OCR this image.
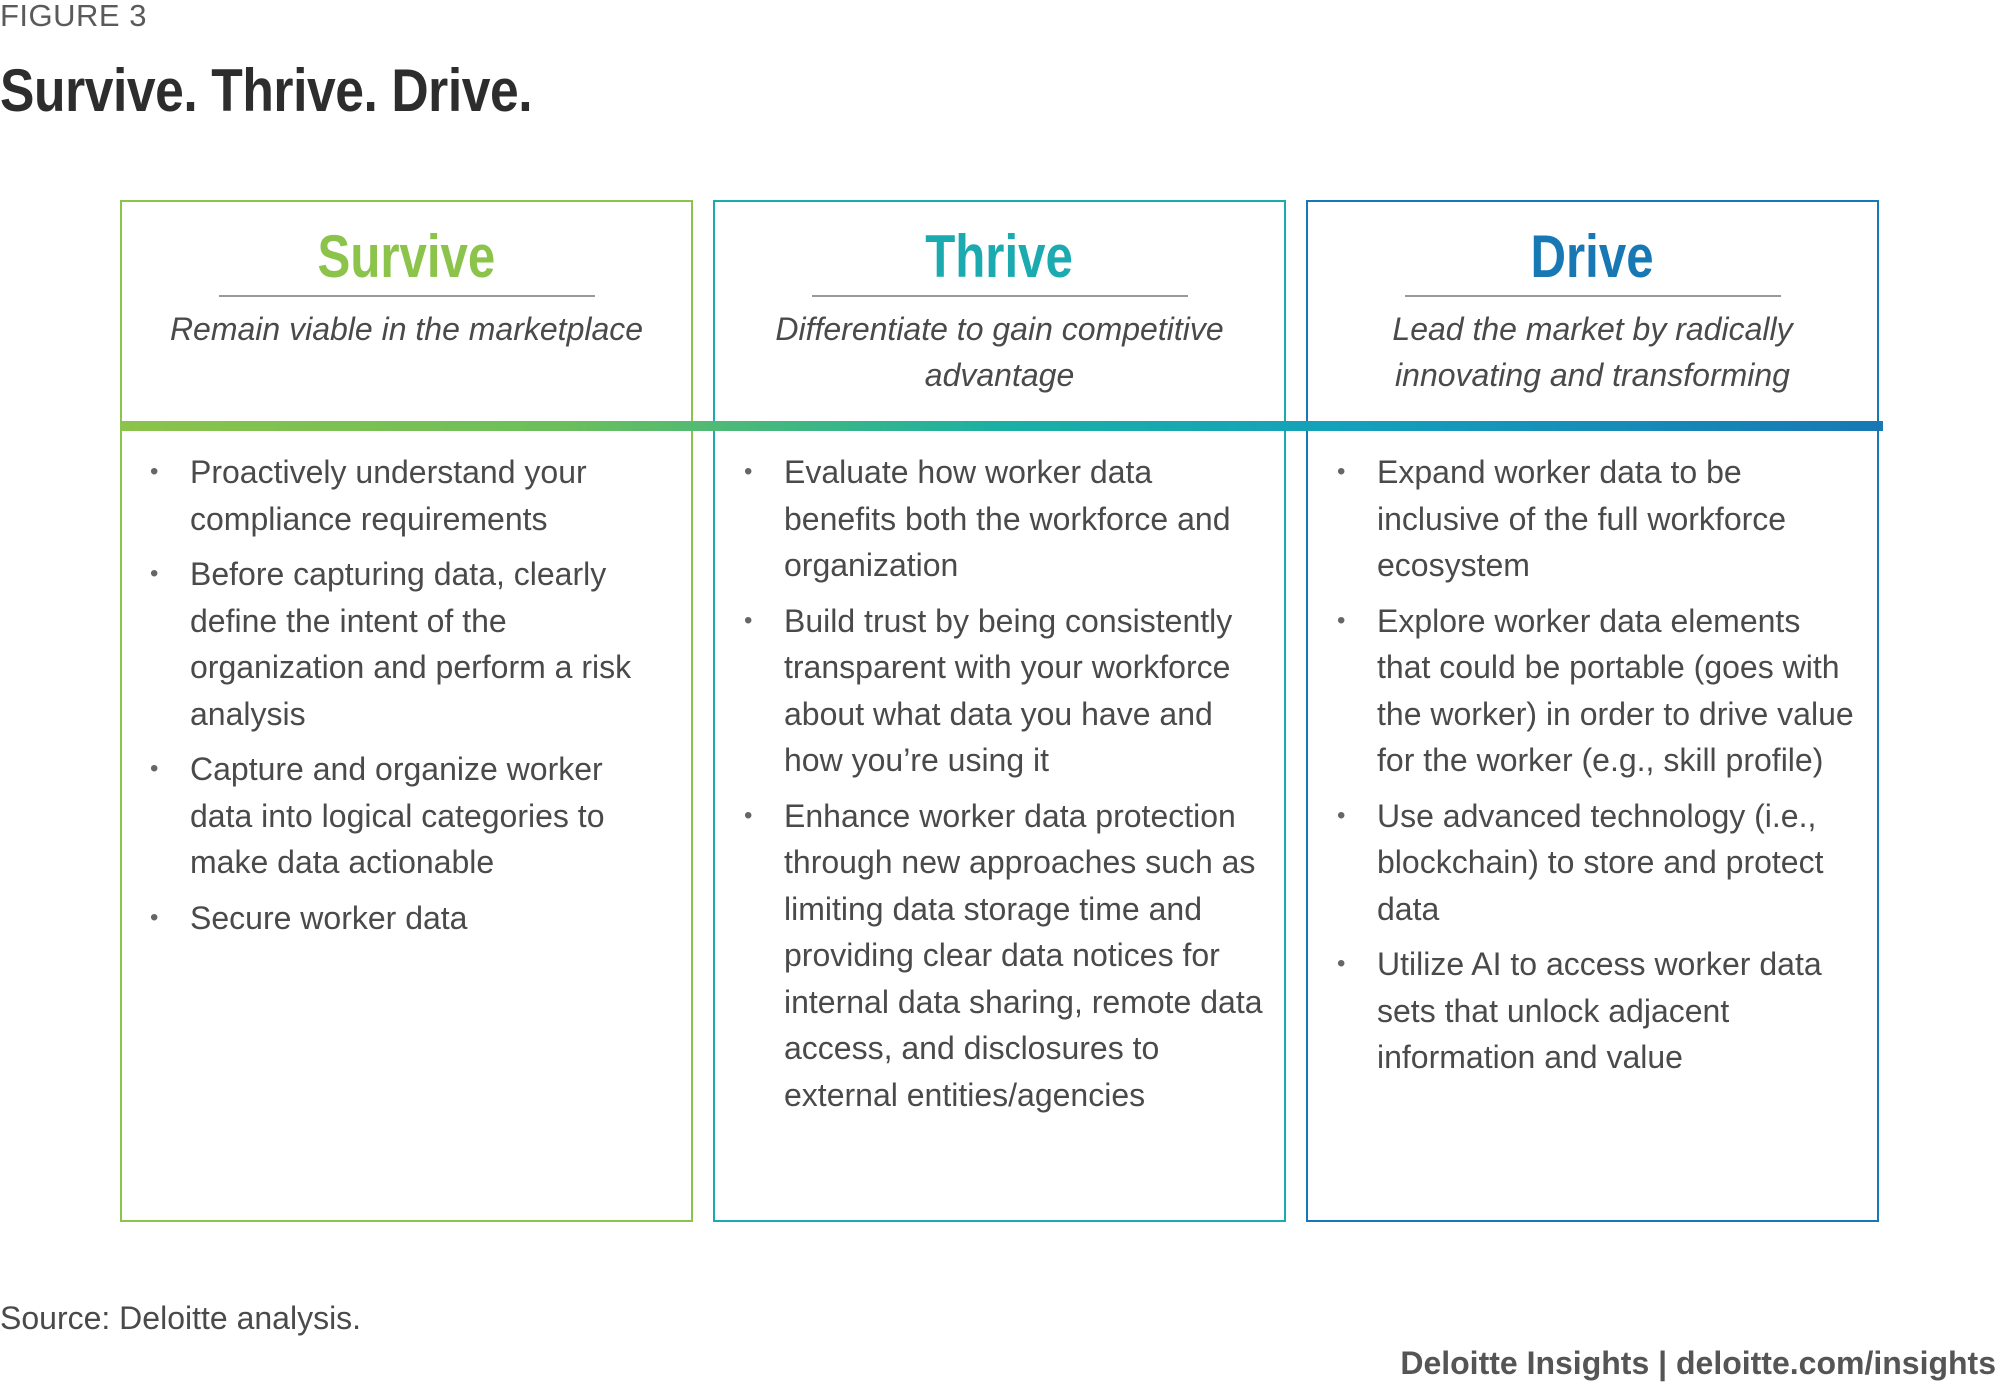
FIGURE 3
Survive. Thrive. Drive.
Survive
Remain viable in the marketplace
Thrive
Differentiate to gain competitive advantage
Drive
Lead the market by radically innovating and transforming
• Proactively understand your compliance requirements
• Before capturing data, clearly define the intent of the organization and perform a risk analysis
• Capture and organize worker data into logical categories to make data actionable
• Secure worker data
• Evaluate how worker data benefits both the workforce and organization
• Build trust by being consistently transparent with your workforce about what data you have and how you’re using it
• Enhance worker data protection through new approaches such as limiting data storage time and providing clear data notices for internal data sharing, remote data access, and disclosures to external entities/agencies
• Expand worker data to be inclusive of the full workforce ecosystem
• Explore worker data elements that could be portable (goes with the worker) in order to drive value for the worker (e.g., skill profile)
• Use advanced technology (i.e., blockchain) to store and protect data
• Utilize AI to access worker data sets that unlock adjacent information and value
Source: Deloitte analysis.
Deloitte Insights | deloitte.com/insights
